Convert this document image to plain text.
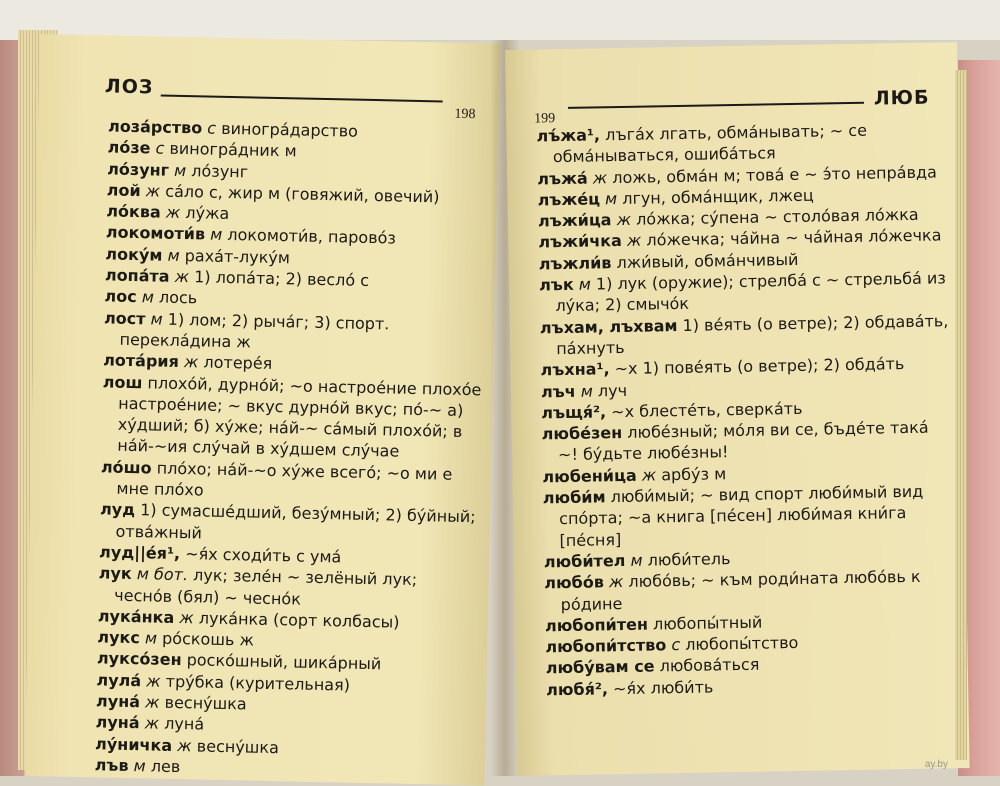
ЛОЗ
198

лоза́рство с виногра́дарство

ло́зе с виногра́дник м

ло́зунг м ло́зунг

лой ж са́ло с, жир м (говяжий, овечий)

ло́ква ж лу́жа

локомоти́в м локомоти́в, парово́з

локу́м м раха́т-луку́м

лопа́та ж 1) лопа́та; 2) весло́ с

лос м лось

лост м 1) лом; 2) рыча́г; 3) спорт. перекла́дина ж

лота́рия ж лотере́я

лош плохо́й, дурно́й; ~о настрое́ние плохо́е настрое́ние; ~ вкус дурно́й вкус; по́-~ а) ху́дший; б) ху́же; на́й-~ са́мый плохо́й; в на́й-~ия слу́чай в ху́дшем слу́чае

ло́шо пло́хо; на́й-~о ху́же всего́; ~о ми е мне пло́хо

луд 1) сумасше́дший, безу́мный; 2) бу́йный; отва́жный

луд||е́я¹, ~я́х сходи́ть с ума́

лук м бот. лук; зеле́н ~ зелёный лук; чесно́в (бял) ~ чесно́к

лука́нка ж лука́нка (сорт колбасы)

лукс м ро́скошь ж

луксо́зен роско́шный, шика́рный

лула́ ж тру́бка (курительная)

луна́ ж весну́шка

луна́ ж луна́

лу́ничка ж весну́шка

лъв м лев

199
ЛЮБ

лъ́жа¹, лъга́х лгать, обма́нывать; ~ се обма́нываться, ошиба́ться

лъжа́ ж ложь, обма́н м; това́ е ~ э́то непра́вда

лъже́ц м лгун, обма́нщик, лжец

лъжи́ца ж ло́жка; су́пена ~ столо́вая ло́жка

лъжи́чка ж ло́жечка; ча́йна ~ ча́йная ло́жечка

лъжли́в лжи́вый, обма́нчивый

лък м 1) лук (оружие); стрелба́ с ~ стрельба́ из лу́ка; 2) смычо́к

лъхам, лъхвам 1) ве́ять (о ветре); 2) обдава́ть, па́хнуть

лъхна¹, ~х 1) пове́ять (о ветре); 2) обда́ть

лъч м луч

лъщя́², ~х блесте́ть, сверка́ть

любе́зен любе́зный; мо́ля ви се, бъде́те така́ ~! бу́дьте любе́зны!

любени́ца ж арбу́з м

люби́м люби́мый; ~ вид спорт люби́мый вид спо́рта; ~а книга [пе́сен] люби́мая кни́га [пе́сня]

люби́тел м люби́тель

любо́в ж любо́вь; ~ към роди́ната любо́вь к ро́дине

любопи́тен любопы́тный

любопи́тство с любопы́тство

любу́вам се любова́ться

любя́², ~я́х люби́ть

ay.by
